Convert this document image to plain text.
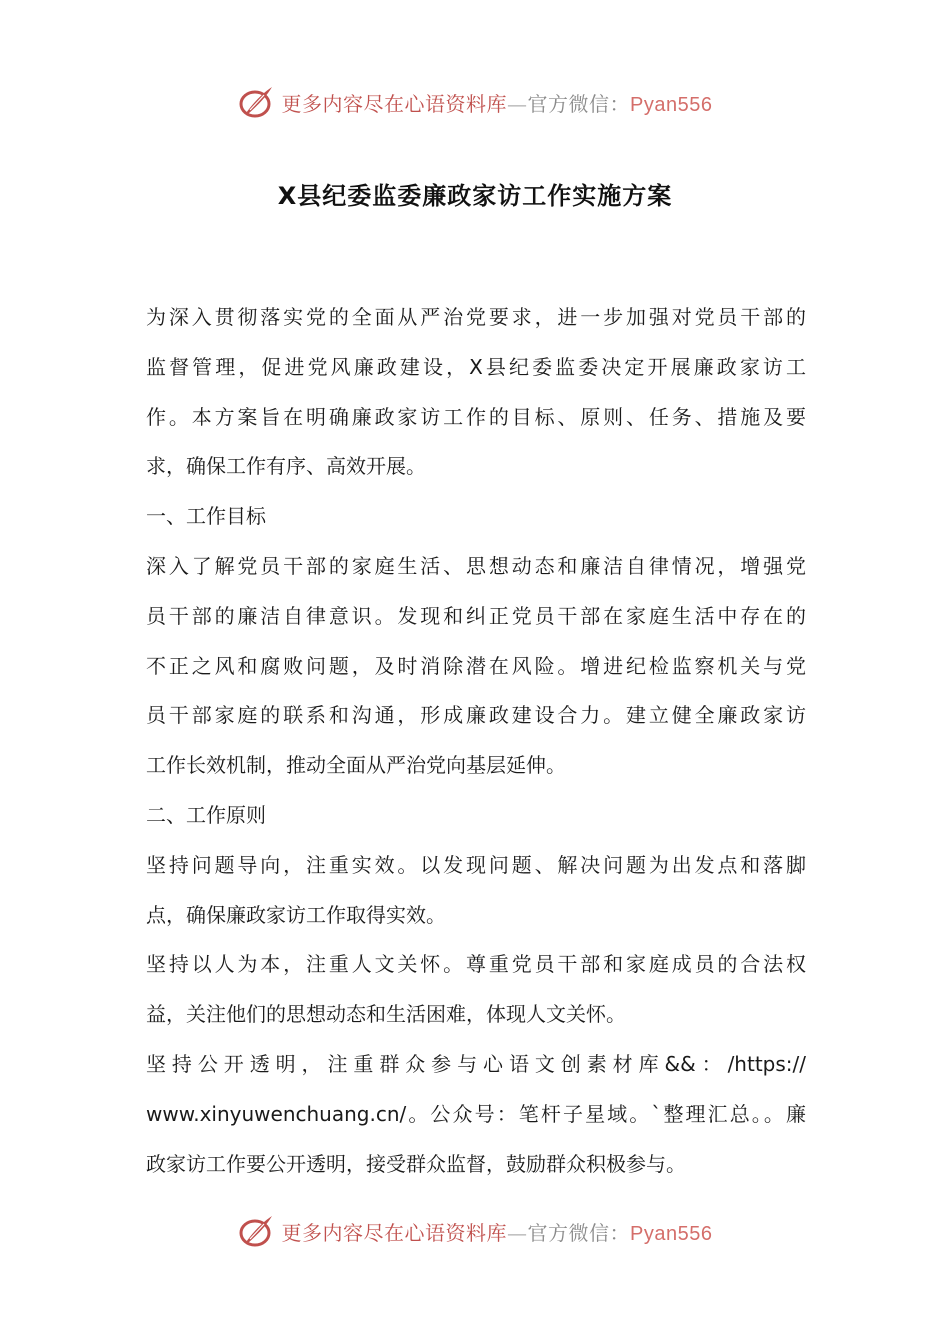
更多内容尽在心语资料库—官方微信：Pyan556
X县纪委监委廉政家访工作实施方案
为深入贯彻落实党的全面从严治党要求，进一步加强对党员干部的
监督管理，促进党风廉政建设，X县纪委监委决定开展廉政家访工
作。本方案旨在明确廉政家访工作的目标、原则、任务、措施及要
求，确保工作有序、高效开展。
一、工作目标
深入了解党员干部的家庭生活、思想动态和廉洁自律情况，增强党
员干部的廉洁自律意识。发现和纠正党员干部在家庭生活中存在的
不正之风和腐败问题，及时消除潜在风险。增进纪检监察机关与党
员干部家庭的联系和沟通，形成廉政建设合力。建立健全廉政家访
工作长效机制，推动全面从严治党向基层延伸。
二、工作原则
坚持问题导向，注重实效。以发现问题、解决问题为出发点和落脚
点，确保廉政家访工作取得实效。
坚持以人为本，注重人文关怀。尊重党员干部和家庭成员的合法权
益，关注他们的思想动态和生活困难，体现人文关怀。
坚持公开透明，注重群众参与心语文创素材库&&：/https://
www.xinyuwenchuang.cn/。公众号：笔杆子星域。`整理汇总。。廉
政家访工作要公开透明，接受群众监督，鼓励群众积极参与。
更多内容尽在心语资料库—官方微信：Pyan556
